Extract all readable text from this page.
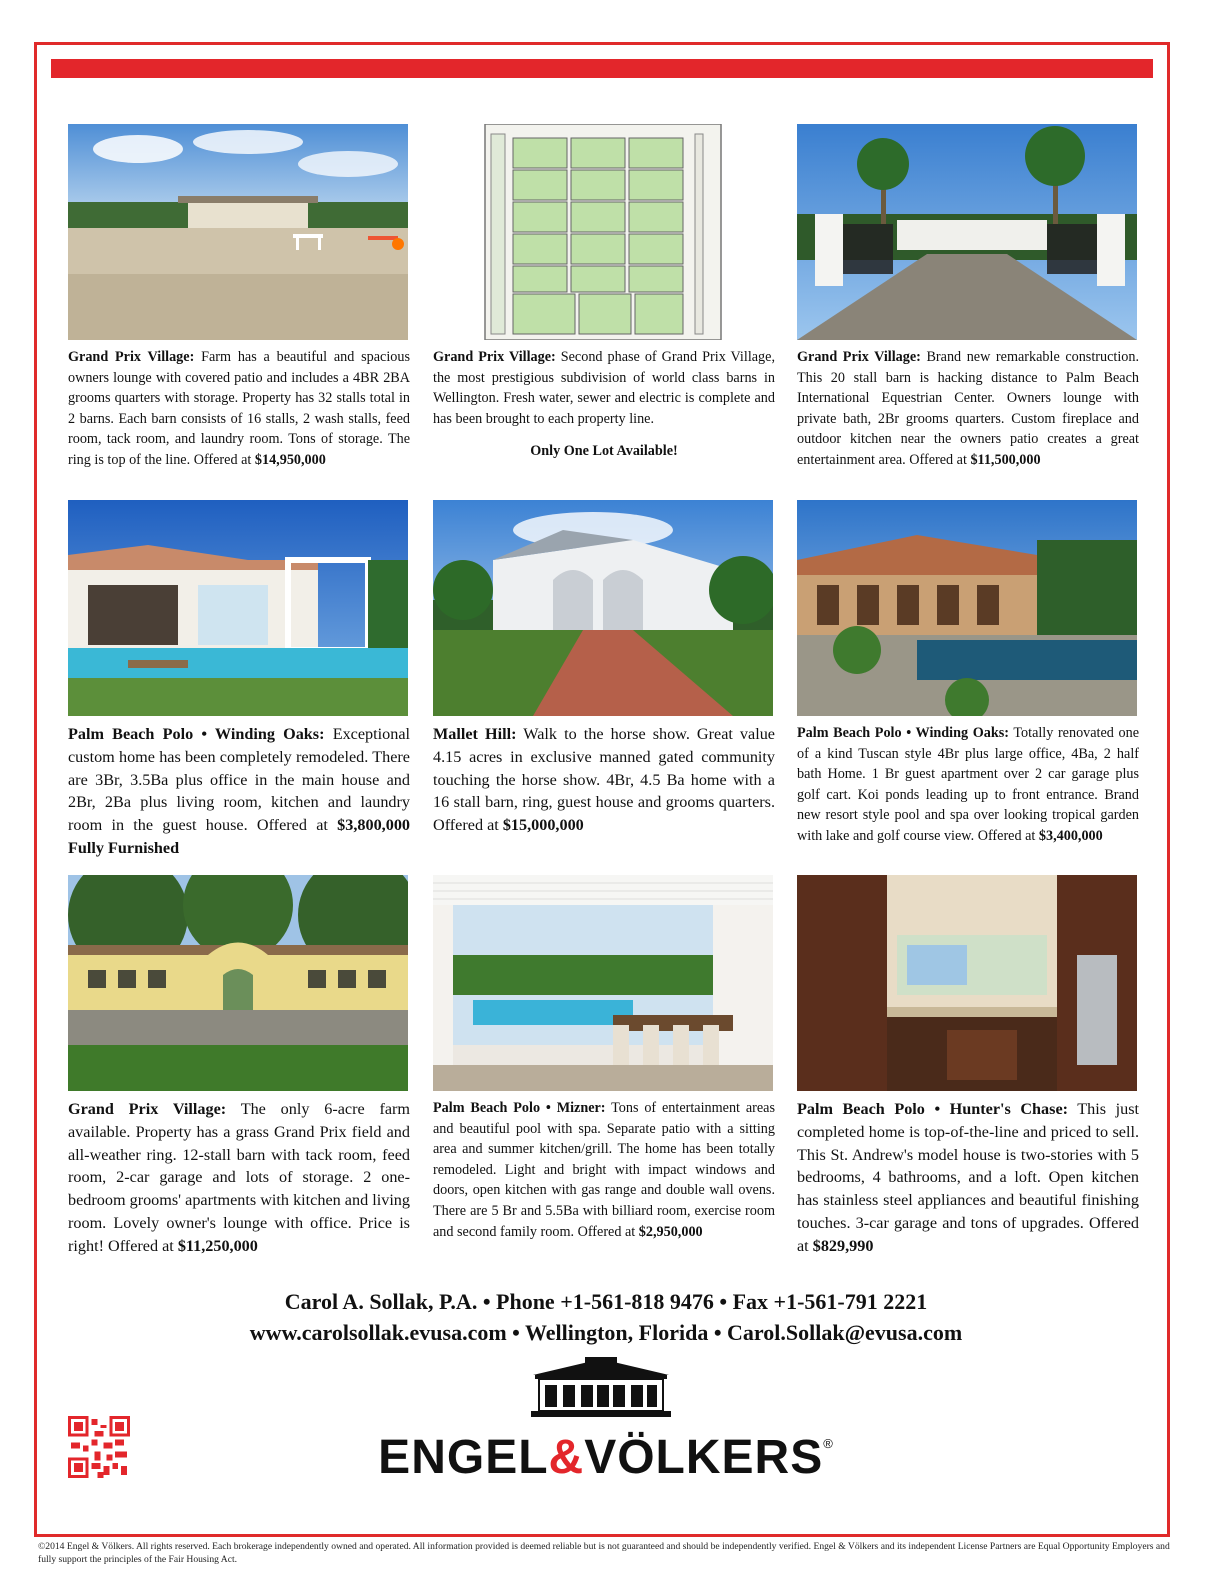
Grand Prix Village: Farm has a beautiful and spacious owners lounge with covered patio and includes a 4BR 2BA grooms quarters with storage. Property has 32 stalls total in 2 barns. Each barn consists of 16 stalls, 2 wash stalls, feed room, tack room, and laundry room. Tons of storage. The ring is top of the line. Offered at $14,950,000
Grand Prix Village: Second phase of Grand Prix Village, the most prestigious subdivision of world class barns in Wellington. Fresh water, sewer and electric is complete and has been brought to each property line.
Only One Lot Available!
Grand Prix Village: Brand new remarkable construction. This 20 stall barn is hacking distance to Palm Beach International Equestrian Center. Owners lounge with private bath, 2Br grooms quarters. Custom fireplace and outdoor kitchen near the owners patio creates a great entertainment area. Offered at $11,500,000
Palm Beach Polo • Winding Oaks: Exceptional custom home has been completely remodeled. There are 3Br, 3.5Ba plus office in the main house and 2Br, 2Ba plus living room, kitchen and laundry room in the guest house. Offered at $3,800,000 Fully Furnished
Mallet Hill: Walk to the horse show. Great value 4.15 acres in exclusive manned gated community touching the horse show. 4Br, 4.5 Ba home with a 16 stall barn, ring, guest house and grooms quarters. Offered at $15,000,000
Palm Beach Polo • Winding Oaks: Totally renovated one of a kind Tuscan style 4Br plus large office, 4Ba, 2 half bath Home. 1 Br guest apartment over 2 car garage plus golf cart. Koi ponds leading up to front entrance. Brand new resort style pool and spa over looking tropical garden with lake and golf course view. Offered at $3,400,000
Grand Prix Village: The only 6-acre farm available. Property has a grass Grand Prix field and all-weather ring. 12-stall barn with tack room, feed room, 2-car garage and lots of storage. 2 one-bedroom grooms' apartments with kitchen and living room. Lovely owner's lounge with office. Price is right! Offered at $11,250,000
Palm Beach Polo • Mizner: Tons of entertainment areas and beautiful pool with spa. Separate patio with a sitting area and summer kitchen/grill. The home has been totally remodeled. Light and bright with impact windows and doors, open kitchen with gas range and double wall ovens. There are 5 Br and 5.5Ba with billiard room, exercise room and second family room. Offered at $2,950,000
Palm Beach Polo • Hunter's Chase: This just completed home is top-of-the-line and priced to sell. This St. Andrew's model house is two-stories with 5 bedrooms, 4 bathrooms, and a loft. Open kitchen has stainless steel appliances and beautiful finishing touches. 3-car garage and tons of upgrades. Offered at $829,990
Carol A. Sollak, P.A. • Phone +1-561-818 9476 • Fax +1-561-791 2221
www.carolsollak.evusa.com • Wellington, Florida • Carol.Sollak@evusa.com
ENGEL&VÖLKERS®
©2014 Engel & Völkers. All rights reserved. Each brokerage independently owned and operated. All information provided is deemed reliable but is not guaranteed and should be independently verified. Engel & Völkers and its independent License Partners are Equal Opportunity Employers and fully support the principles of the Fair Housing Act.
